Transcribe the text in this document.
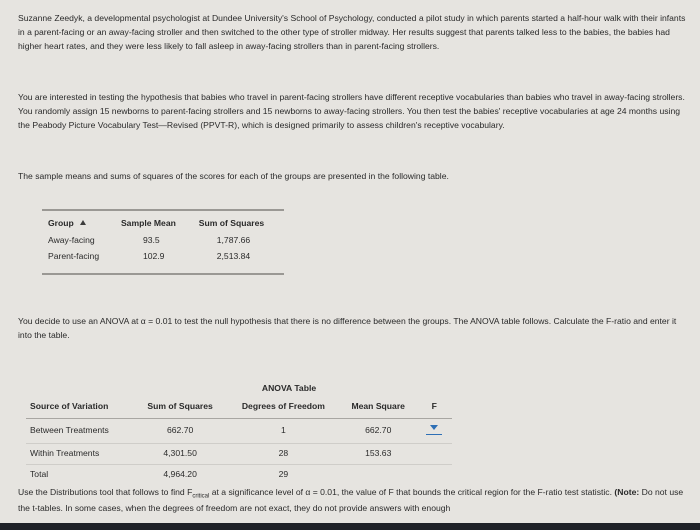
Suzanne Zeedyk, a developmental psychologist at Dundee University's School of Psychology, conducted a pilot study in which parents started a half-hour walk with their infants in a parent-facing or an away-facing stroller and then switched to the other type of stroller midway. Her results suggest that parents talked less to the babies, the babies had higher heart rates, and they were less likely to fall asleep in away-facing strollers than in parent-facing strollers.

You are interested in testing the hypothesis that babies who travel in parent-facing strollers have different receptive vocabularies than babies who travel in away-facing strollers. You randomly assign 15 newborns to parent-facing strollers and 15 newborns to away-facing strollers. You then test the babies' receptive vocabularies at age 24 months using the Peabody Picture Vocabulary Test—Revised (PPVT-R), which is designed primarily to assess children's receptive vocabulary.

The sample means and sums of squares of the scores for each of the groups are presented in the following table.

Group	Sample Mean	Sum of Squares
Away-facing	93.5	1,787.66
Parent-facing	102.9	2,513.84

You decide to use an ANOVA at α = 0.01 to test the null hypothesis that there is no difference between the groups. The ANOVA table follows. Calculate the F-ratio and enter it into the table.

ANOVA Table
Source of Variation	Sum of Squares	Degrees of Freedom	Mean Square	F
Between Treatments	662.70	1	662.70	

Within Treatments	4,301.50	28	153.63	
Total	4,964.20	29		

Use the Distributions tool that follows to find $F_{critical}$ at a significance level of α = 0.01, the value of F that bounds the critical region for the F-ratio test statistic. (Note: Do not use the t-tables. In some cases, when the degrees of freedom are not exact, they do not provide answers with enough
